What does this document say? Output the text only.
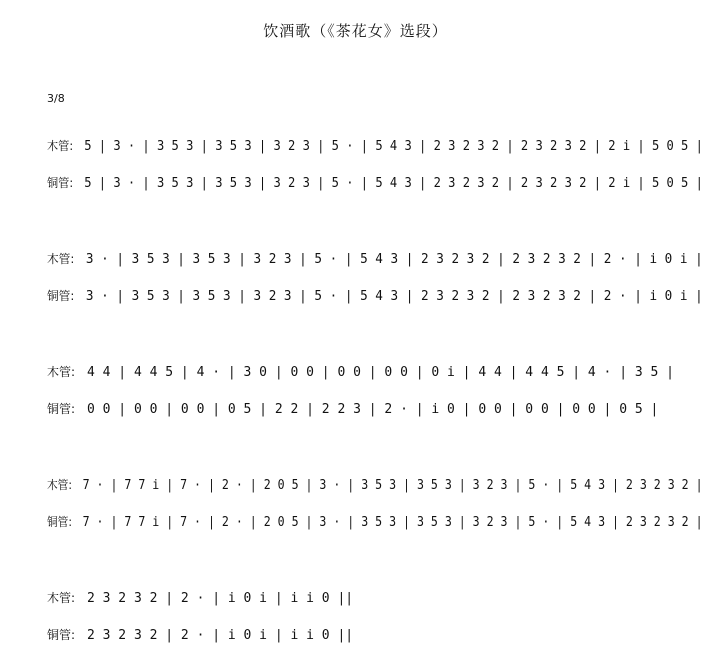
饮酒歌（《茶花女》选段）
3/8
木管: 5 | 3 · | 3 5 3 | 3 5 3 | 3 2 3 | 5 · | 5 4 3 | 2 3 2 3 2 | 2 3 2 3 2 | 2 i | 5 0 5 |
铜管: 5 | 3 · | 3 5 3 | 3 5 3 | 3 2 3 | 5 · | 5 4 3 | 2 3 2 3 2 | 2 3 2 3 2 | 2 i | 5 0 5 |
木管: 3 · | 3 5 3 | 3 5 3 | 3 2 3 | 5 · | 5 4 3 | 2 3 2 3 2 | 2 3 2 3 2 | 2 · | i 0 i |
铜管: 3 · | 3 5 3 | 3 5 3 | 3 2 3 | 5 · | 5 4 3 | 2 3 2 3 2 | 2 3 2 3 2 | 2 · | i 0 i |
木管: 4 4 | 4 4 5 | 4 · | 3 0 | 0 0 | 0 0 | 0 0 | 0 i | 4 4 | 4 4 5 | 4 · | 3 5 |
铜管: 0 0 | 0 0 | 0 0 | 0 5 | 2 2 | 2 2 3 | 2 · | i 0 | 0 0 | 0 0 | 0 0 | 0 5 |
木管: 7 · | 7 7 i | 7 · | 2 · | 2 0 5 | 3 · | 3 5 3 | 3 5 3 | 3 2 3 | 5 · | 5 4 3 | 2 3 2 3 2 |
铜管: 7 · | 7 7 i | 7 · | 2 · | 2 0 5 | 3 · | 3 5 3 | 3 5 3 | 3 2 3 | 5 · | 5 4 3 | 2 3 2 3 2 |
木管: 2 3 2 3 2 | 2 · | i 0 i | i i 0 ||
铜管: 2 3 2 3 2 | 2 · | i 0 i | i i 0 ||
